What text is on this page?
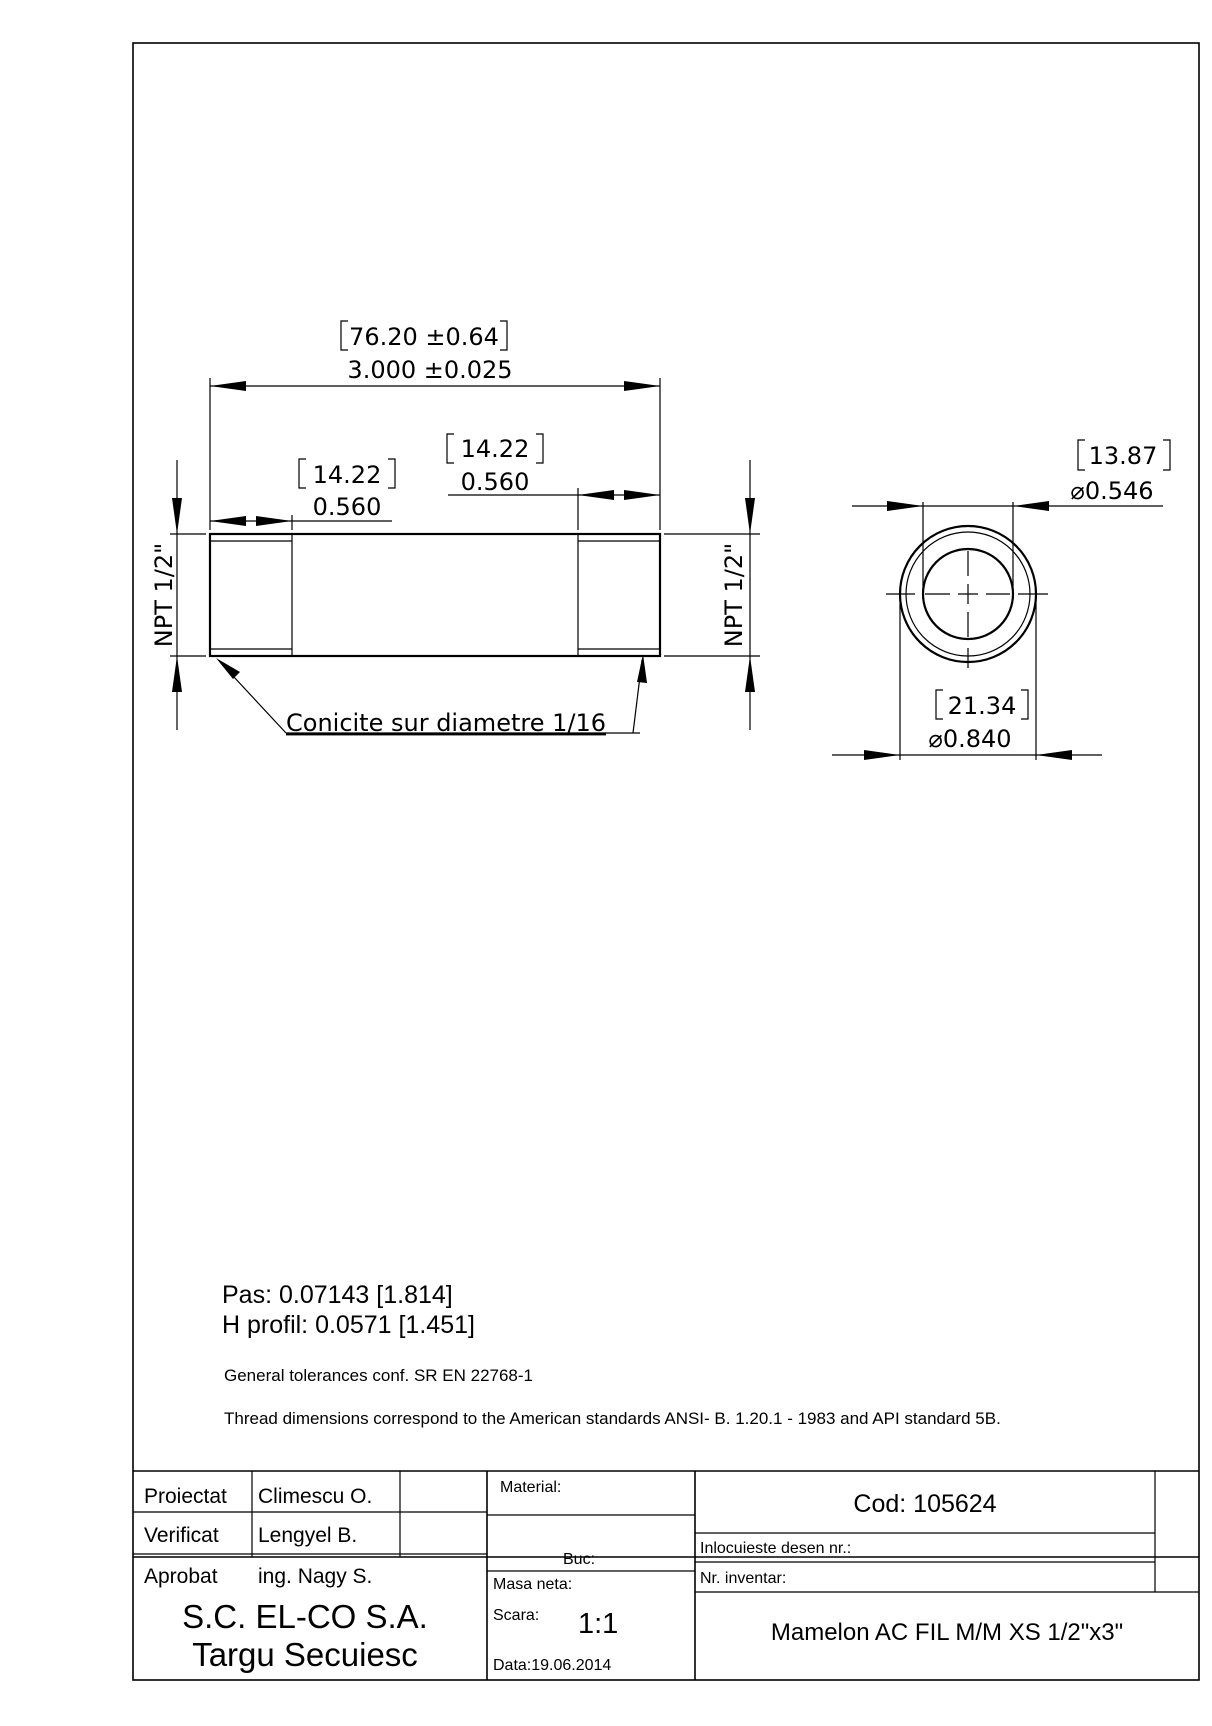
76.20 ±0.64
3.000 ±0.025
14.22
0.560
14.22
0.560
NPT 1/2"	NPT 1/2"
Conicite sur diametre 1/16
13.87
⌀0.546
21.34
⌀0.840
Pas: 0.07143 [1.814]
H profil: 0.0571 [1.451]
General tolerances conf. SR EN 22768-1
Thread dimensions correspond to the American standards ANSI- B. 1.20.1 - 1983 and API standard 5B.
Proiectat Climescu O.
Verificat Lengyel B.
Aprobat ing. Nagy S.
S.C. EL-CO S.A.
Targu Secuiesc
Material:
Buc:
Masa neta:
Scara: 1:1
Data:19.06.2014
Cod: 105624
Inlocuieste desen nr.:
Nr. inventar:
Mamelon AC FIL M/M XS 1/2"x3"
